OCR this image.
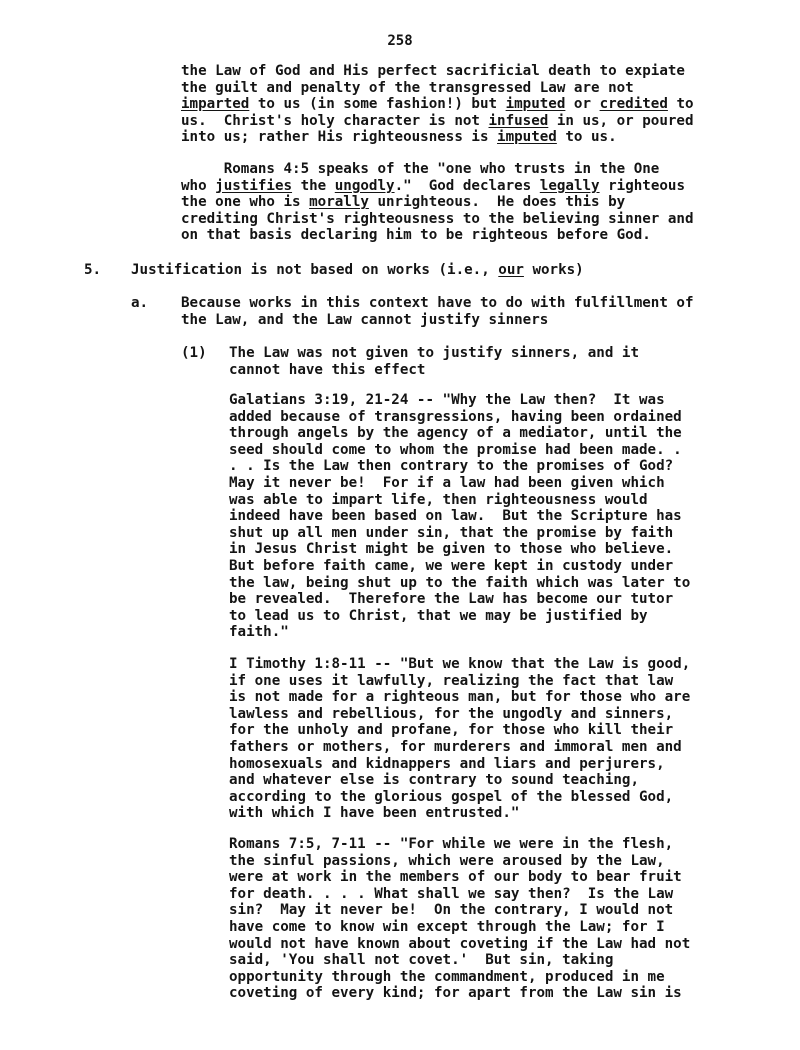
258
the Law of God and His perfect sacrificial death to expiate
the guilt and penalty of the transgressed Law are not
imparted to us (in some fashion!) but imputed or credited to
us.  Christ's holy character is not infused in us, or poured
into us; rather His righteousness is imputed to us.
Romans 4:5 speaks of the "one who trusts in the One
who justifies the ungodly."  God declares legally righteous
the one who is morally unrighteous.  He does this by
crediting Christ's righteousness to the believing sinner and
on that basis declaring him to be righteous before God.
5. Justification is not based on works (i.e., our works)
a. Because works in this context have to do with fulfillment of
the Law, and the Law cannot justify sinners
(1) The Law was not given to justify sinners, and it
cannot have this effect
Galatians 3:19, 21-24 -- "Why the Law then?  It was
added because of transgressions, having been ordained
through angels by the agency of a mediator, until the
seed should come to whom the promise had been made. .
. . Is the Law then contrary to the promises of God?
May it never be!  For if a law had been given which
was able to impart life, then righteousness would
indeed have been based on law.  But the Scripture has
shut up all men under sin, that the promise by faith
in Jesus Christ might be given to those who believe.
But before faith came, we were kept in custody under
the law, being shut up to the faith which was later to
be revealed.  Therefore the Law has become our tutor
to lead us to Christ, that we may be justified by
faith."
I Timothy 1:8-11 -- "But we know that the Law is good,
if one uses it lawfully, realizing the fact that law
is not made for a righteous man, but for those who are
lawless and rebellious, for the ungodly and sinners,
for the unholy and profane, for those who kill their
fathers or mothers, for murderers and immoral men and
homosexuals and kidnappers and liars and perjurers,
and whatever else is contrary to sound teaching,
according to the glorious gospel of the blessed God,
with which I have been entrusted."
Romans 7:5, 7-11 -- "For while we were in the flesh,
the sinful passions, which were aroused by the Law,
were at work in the members of our body to bear fruit
for death. . . . What shall we say then?  Is the Law
sin?  May it never be!  On the contrary, I would not
have come to know win except through the Law; for I
would not have known about coveting if the Law had not
said, 'You shall not covet.'  But sin, taking
opportunity through the commandment, produced in me
coveting of every kind; for apart from the Law sin is
